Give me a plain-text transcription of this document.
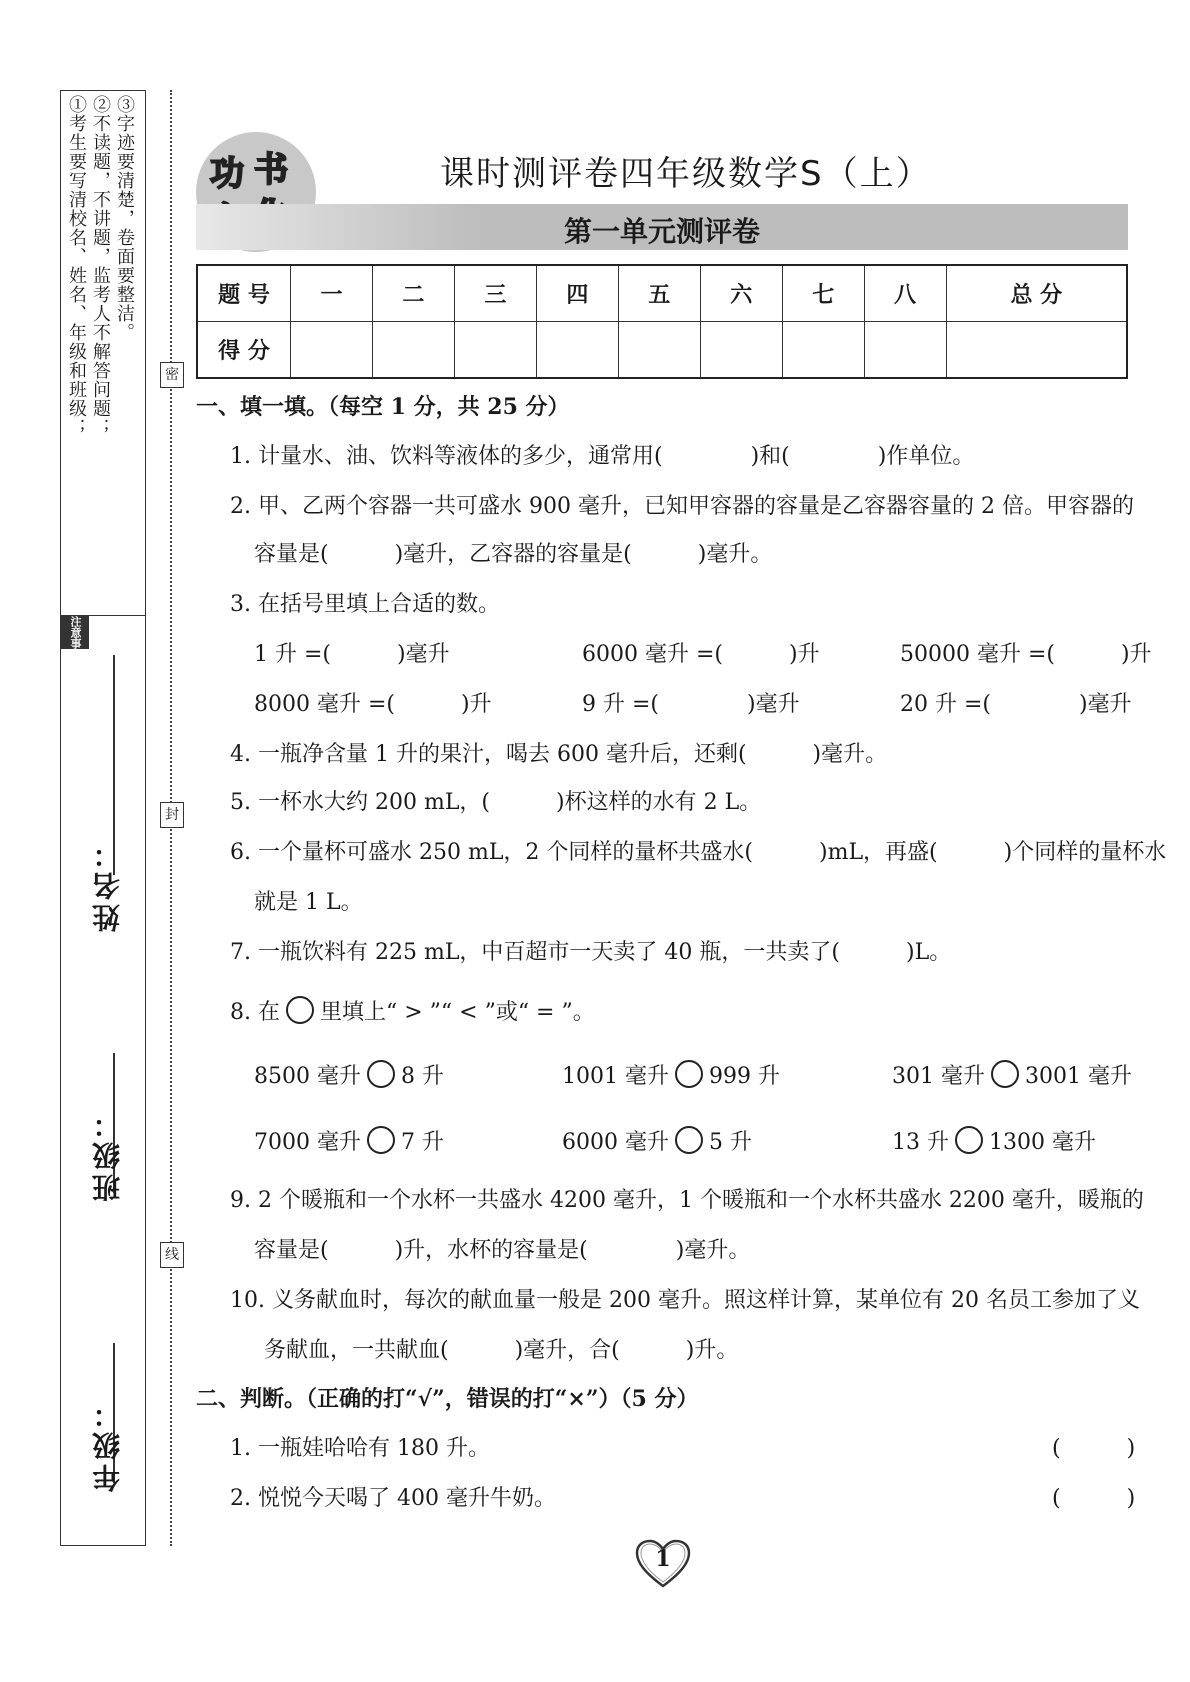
①考生要写清校名、姓名、年级和班级； ②不读题，不讲题，监考人不解答问题； ③字迹要清楚，卷面要整洁。
注意事项
姓名：
班级：
年级：
密
封
线
功 书	课时测评卷四年级数学S（上）
第一单元测评卷
题 号	一	二	三	四	五	六	七	八	总 分
得 分									
一、填一填。（每空 1 分，共 25 分）
1. 计量水、油、饮料等液体的多少，通常用(　　　　)和(　　　　)作单位。
2. 甲、乙两个容器一共可盛水 900 毫升，已知甲容器的容量是乙容器容量的 2 倍。甲容器的
容量是(　　　)毫升，乙容器的容量是(　　　)毫升。
3. 在括号里填上合适的数。
1 升 =(　　　)毫升	6000 毫升 =(　　　)升	50000 毫升 =(　　　)升
8000 毫升 =(　　　)升	9 升 =(　　　　)毫升	20 升 =(　　　　)毫升
4. 一瓶净含量 1 升的果汁，喝去 600 毫升后，还剩(　　　)毫升。
5. 一杯水大约 200 mL，(　　　)杯这样的水有 2 L。
6. 一个量杯可盛水 250 mL，2 个同样的量杯共盛水(　　　)mL，再盛(　　　)个同样的量杯水
就是 1 L。
7. 一瓶饮料有 225 mL，中百超市一天卖了 40 瓶，一共卖了(　　　)L。
8. 在 里填上“ > ”“ < ”或“ = ”。
8500 毫升 8 升	1001 毫升 999 升	301 毫升 3001 毫升
7000 毫升 7 升	6000 毫升 5 升	13 升 1300 毫升
9. 2 个暖瓶和一个水杯一共盛水 4200 毫升，1 个暖瓶和一个水杯共盛水 2200 毫升，暖瓶的
容量是(　　　)升，水杯的容量是(　　　　)毫升。
10. 义务献血时，每次的献血量一般是 200 毫升。照这样计算，某单位有 20 名员工参加了义
务献血，一共献血(　　　)毫升，合(　　　)升。
二、判断。（正确的打“√”，错误的打“×”）（5 分）
1. 一瓶娃哈哈有 180 升。	(　　　)
2. 悦悦今天喝了 400 毫升牛奶。	(　　　)
1
